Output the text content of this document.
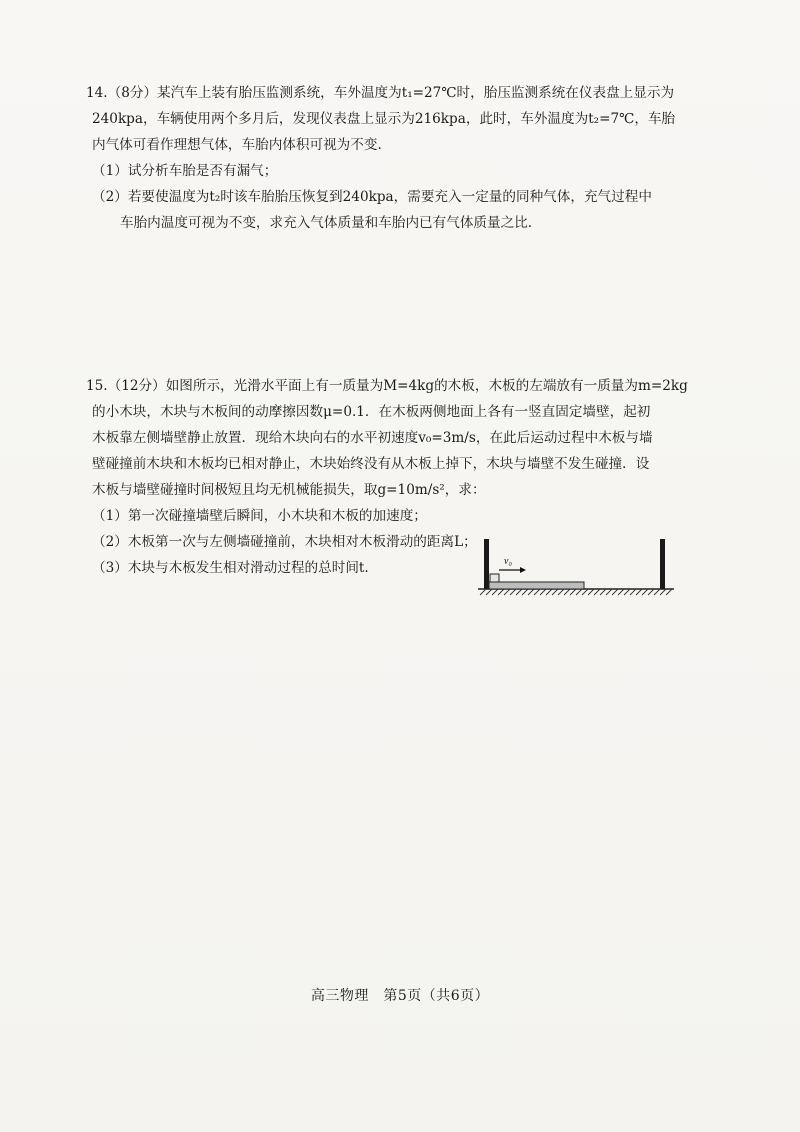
14.（8分）某汽车上装有胎压监测系统，车外温度为t₁=27℃时，胎压监测系统在仪表盘上显示为

240kpa，车辆使用两个多月后，发现仪表盘上显示为216kpa，此时，车外温度为t₂=7℃，车胎

内气体可看作理想气体，车胎内体积可视为不变.

（1）试分析车胎是否有漏气；

（2）若要使温度为t₂时该车胎胎压恢复到240kpa，需要充入一定量的同种气体，充气过程中

车胎内温度可视为不变，求充入气体质量和车胎内已有气体质量之比.

15.（12分）如图所示，光滑水平面上有一质量为M=4kg的木板，木板的左端放有一质量为m=2kg

的小木块，木块与木板间的动摩擦因数μ=0.1．在木板两侧地面上各有一竖直固定墙壁，起初

木板靠左侧墙壁静止放置．现给木块向右的水平初速度v₀=3m/s，在此后运动过程中木板与墙

壁碰撞前木块和木板均已相对静止，木块始终没有从木板上掉下，木块与墙壁不发生碰撞．设

木板与墙壁碰撞时间极短且均无机械能损失，取g=10m/s²，求：

（1）第一次碰撞墙壁后瞬间，小木块和木板的加速度；

（2）木板第一次与左侧墙碰撞前，木块相对木板滑动的距离L；

（3）木块与木板发生相对滑动过程的总时间t.	v₀
高三物理　第5页（共6页）
